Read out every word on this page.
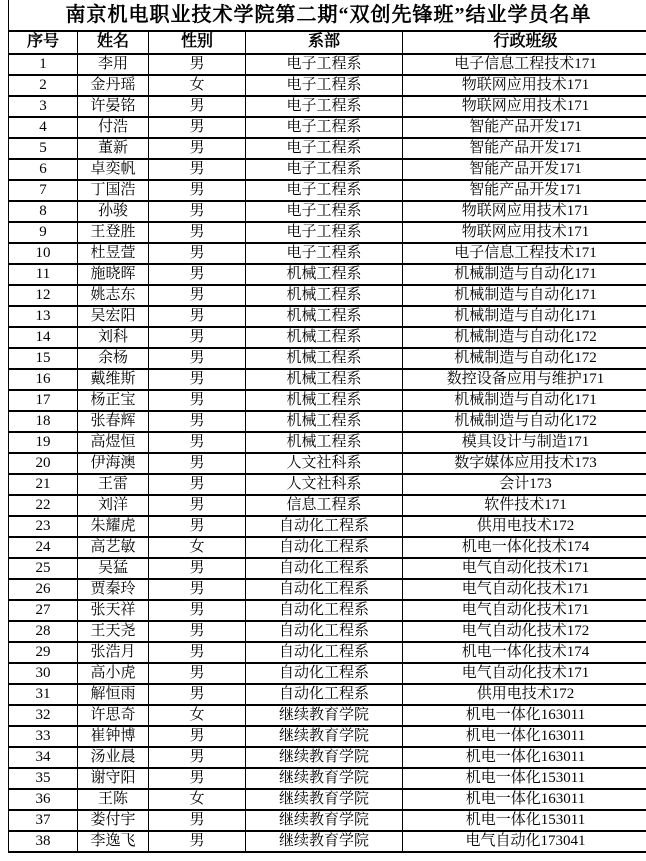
南京机电职业技术学院第二期“双创先锋班”结业学员名单				
序号	姓名	性别	系部	行政班级
1	李用	男	电子工程系	电子信息工程技术171
2	金丹瑶	女	电子工程系	物联网应用技术171
3	许晏铭	男	电子工程系	物联网应用技术171
4	付浩	男	电子工程系	智能产品开发171
5	董新	男	电子工程系	智能产品开发171
6	卓奕帆	男	电子工程系	智能产品开发171
7	丁国浩	男	电子工程系	智能产品开发171
8	孙骏	男	电子工程系	物联网应用技术171
9	王登胜	男	电子工程系	物联网应用技术171
10	杜昱萱	男	电子工程系	电子信息工程技术171
11	施晓晖	男	机械工程系	机械制造与自动化171
12	姚志东	男	机械工程系	机械制造与自动化171
13	吴宏阳	男	机械工程系	机械制造与自动化171
14	刘科	男	机械工程系	机械制造与自动化172
15	余杨	男	机械工程系	机械制造与自动化172
16	戴维斯	男	机械工程系	数控设备应用与维护171
17	杨正宝	男	机械工程系	机械制造与自动化171
18	张春辉	男	机械工程系	机械制造与自动化172
19	高煜恒	男	机械工程系	模具设计与制造171
20	伊海澳	男	人文社科系	数字媒体应用技术173
21	王雷	男	人文社科系	会计173
22	刘洋	男	信息工程系	软件技术171
23	朱耀虎	男	自动化工程系	供用电技术172
24	高艺敏	女	自动化工程系	机电一体化技术174
25	吴猛	男	自动化工程系	电气自动化技术171
26	贾秦玲	男	自动化工程系	电气自动化技术171
27	张天祥	男	自动化工程系	电气自动化技术171
28	王天尧	男	自动化工程系	电气自动化技术172
29	张浩月	男	自动化工程系	机电一体化技术174
30	高小虎	男	自动化工程系	电气自动化技术171
31	解恒雨	男	自动化工程系	供用电技术172
32	许思奇	女	继续教育学院	机电一体化163011
33	崔钟博	男	继续教育学院	机电一体化163011
34	汤业晨	男	继续教育学院	机电一体化163011
35	谢守阳	男	继续教育学院	机电一体化153011
36	王陈	女	继续教育学院	机电一体化163011
37	娄付宇	男	继续教育学院	机电一体化153011
38	李逸飞	男	继续教育学院	电气自动化173041
